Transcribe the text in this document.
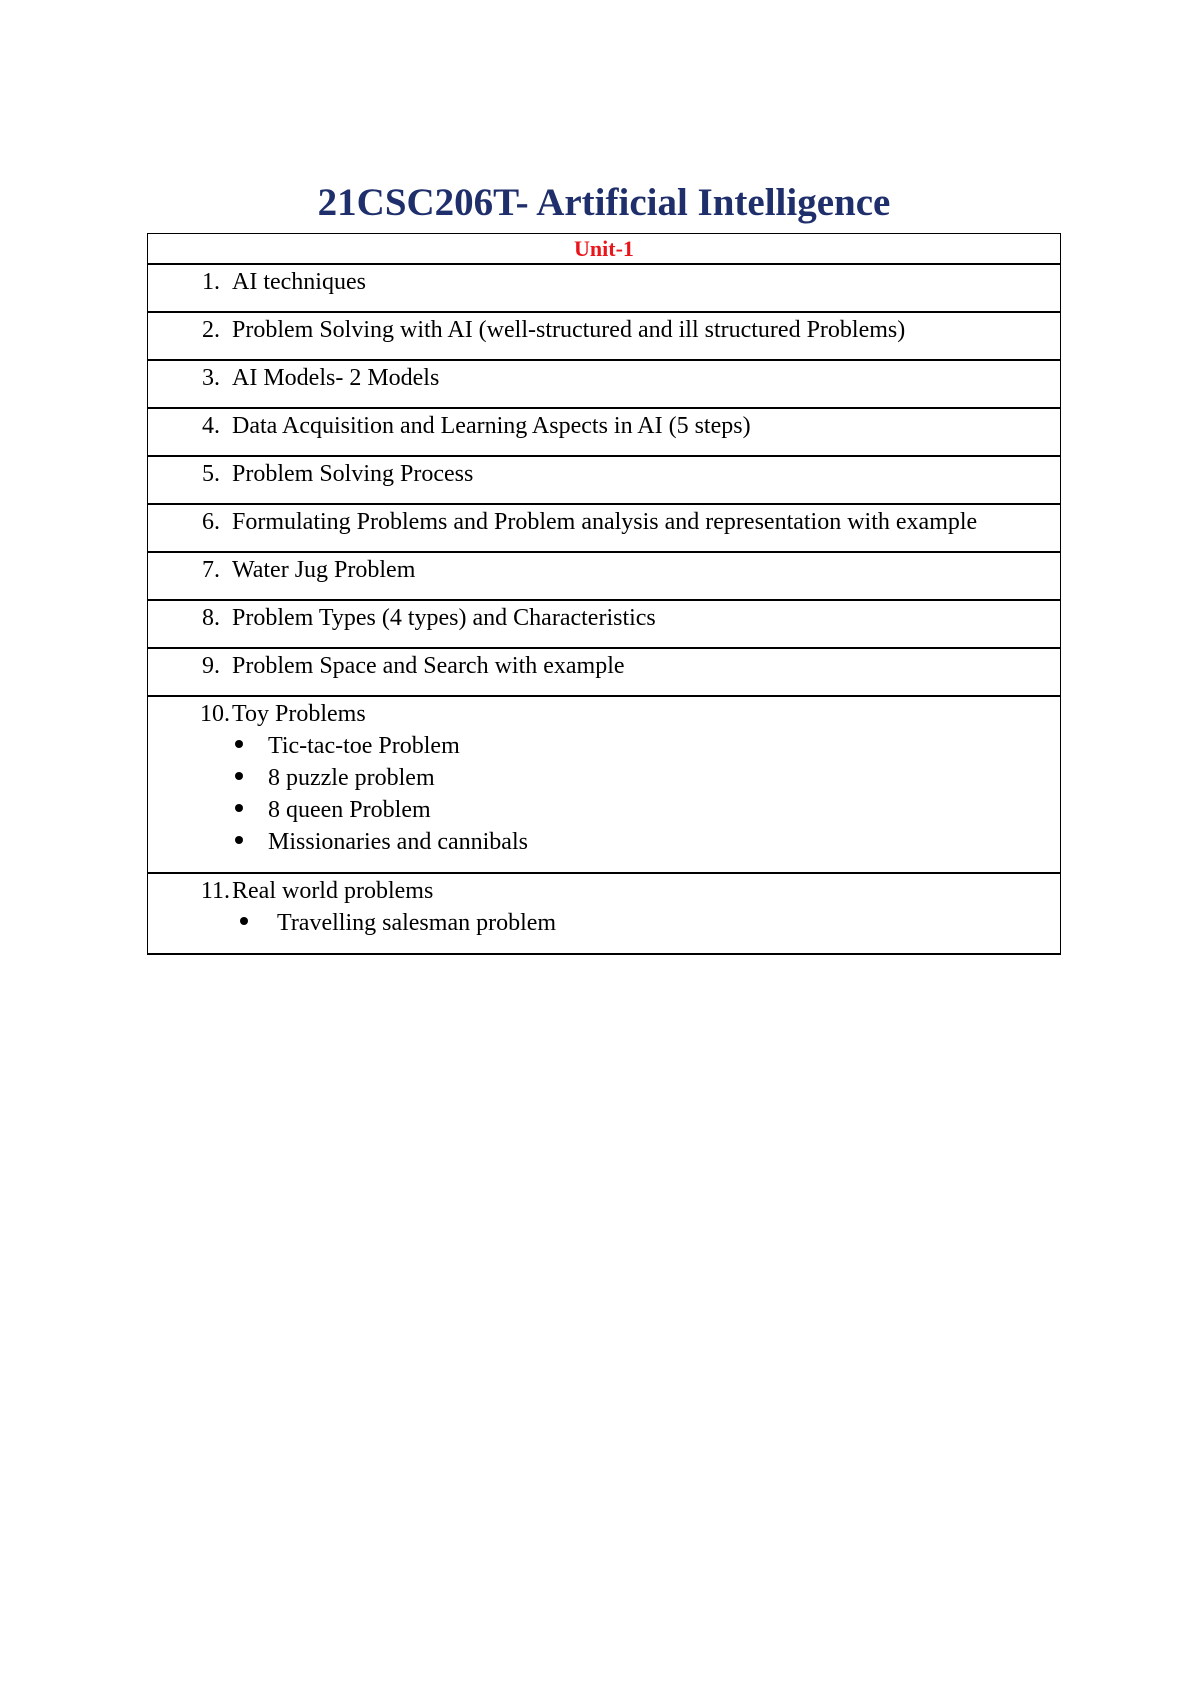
21CSC206T- Artificial Intelligence
Unit-1

1. AI techniques

2. Problem Solving with AI (well-structured and ill structured Problems)

3. AI Models- 2 Models

4. Data Acquisition and Learning Aspects in AI (5 steps)

5. Problem Solving Process

6. Formulating Problems and Problem analysis and representation with example

7. Water Jug Problem

8. Problem Types (4 types) and Characteristics

9. Problem Space and Search with example

10. Toy Problems
Tic-tac-toe Problem
8 puzzle problem
8 queen Problem
Missionaries and cannibals

11. Real world problems
Travelling salesman problem
